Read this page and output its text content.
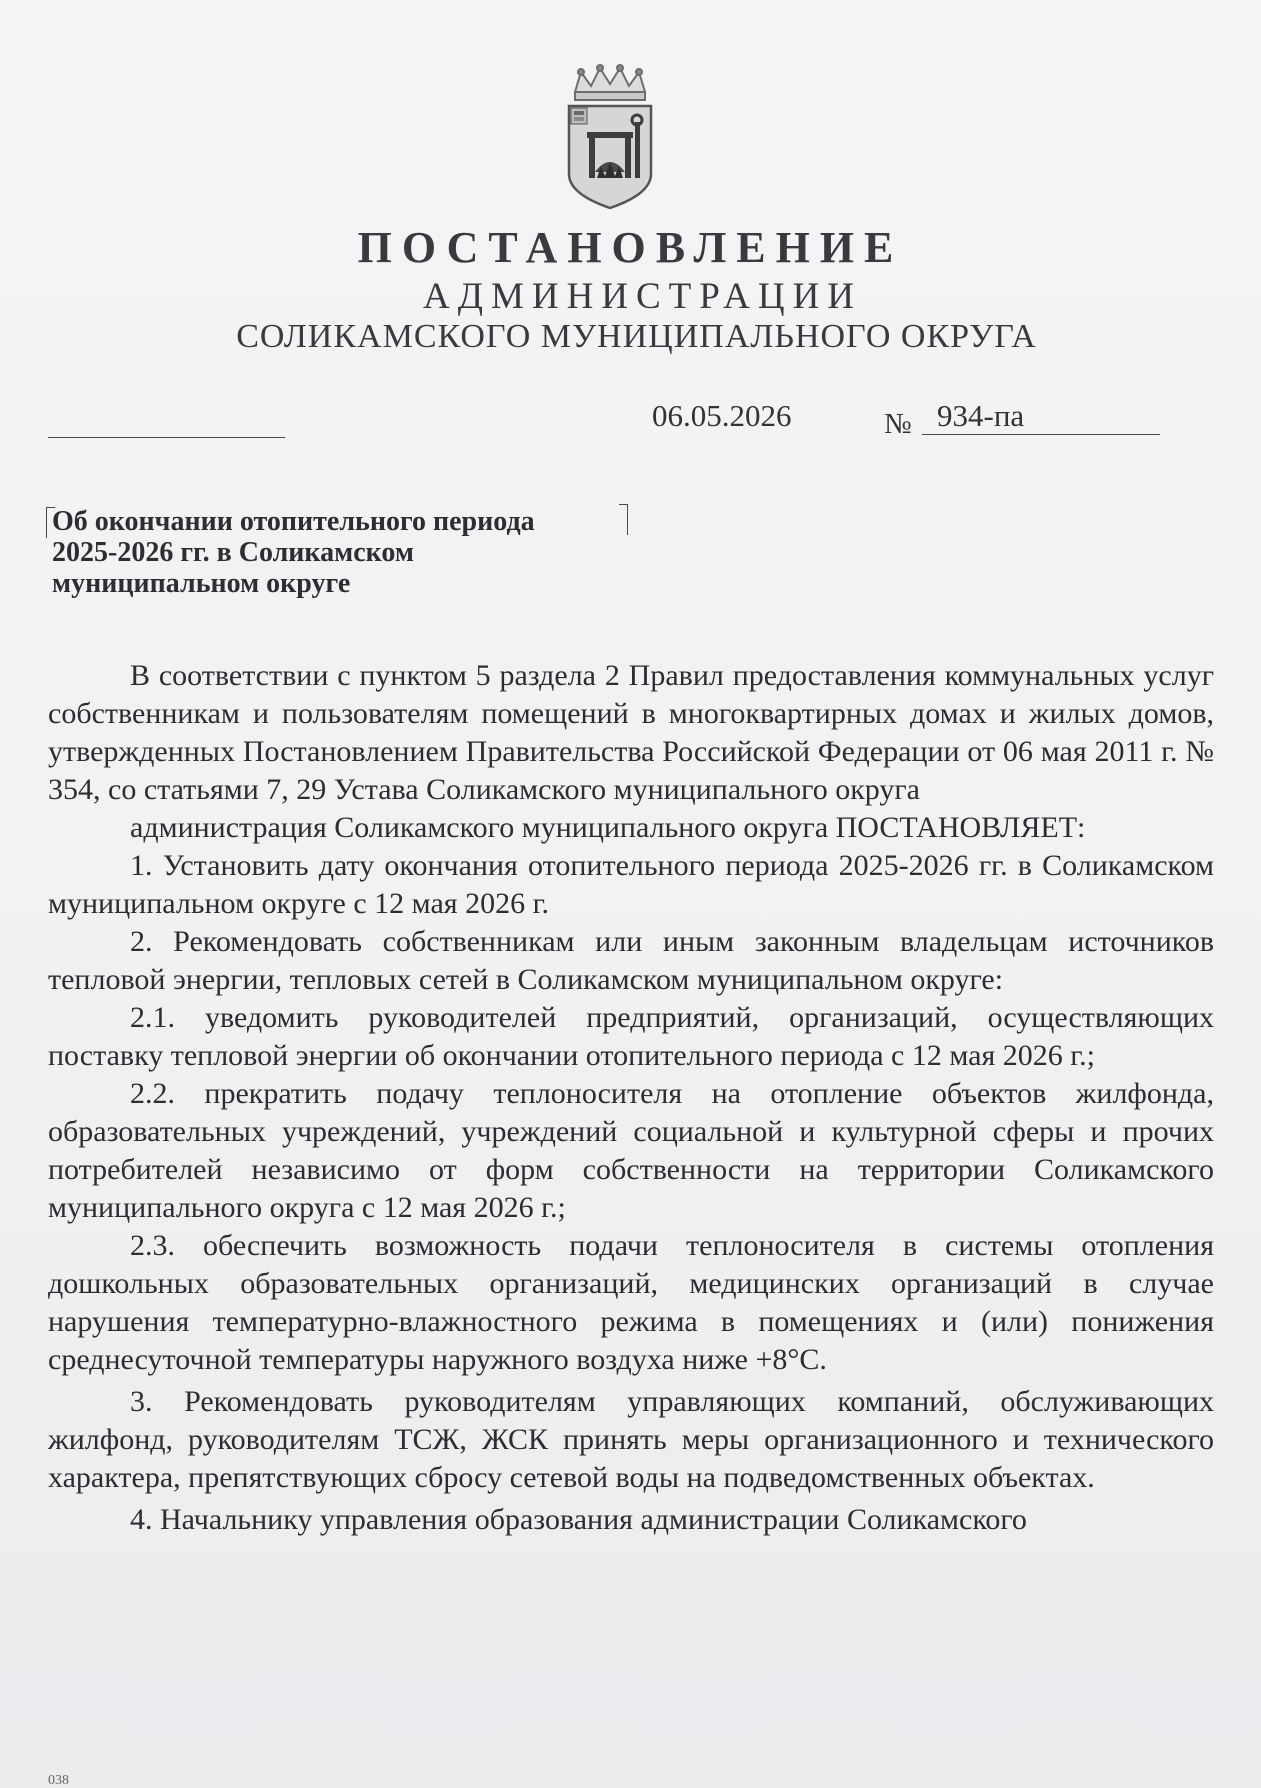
ПОСТАНОВЛЕНИЕ
АДМИНИСТРАЦИИ
СОЛИКАМСКОГО МУНИЦИПАЛЬНОГО ОКРУГА
06.05.2026	№ 934-па
Об окончании отопительного периода
2025-2026 гг. в Соликамском
муниципальном округе

В соответствии с пунктом 5 раздела 2 Правил предоставления коммунальных услуг собственникам и пользователям помещений в многоквартирных домах и жилых домов, утвержденных Постановлением Правительства Российской Федерации от 06 мая 2011 г. № 354, со статьями 7, 29 Устава Соликамского муниципального округа

администрация Соликамского муниципального округа ПОСТАНОВЛЯЕТ:

1. Установить дату окончания отопительного периода 2025-2026 гг. в Соликамском муниципальном округе с 12 мая 2026 г.

2. Рекомендовать собственникам или иным законным владельцам источников тепловой энергии, тепловых сетей в Соликамском муниципальном округе:

2.1. уведомить руководителей предприятий, организаций, осуществляющих поставку тепловой энергии об окончании отопительного периода с 12 мая 2026 г.;

2.2. прекратить подачу теплоносителя на отопление объектов жилфонда, образовательных учреждений, учреждений социальной и культурной сферы и прочих потребителей независимо от форм собственности на территории Соликамского муниципального округа с 12 мая 2026 г.;

2.3. обеспечить возможность подачи теплоносителя в системы отопления дошкольных образовательных организаций, медицинских организаций в случае нарушения температурно-влажностного режима в помещениях и (или) понижения среднесуточной температуры наружного воздуха ниже +8°С.

3. Рекомендовать руководителям управляющих компаний, обслуживающих жилфонд, руководителям ТСЖ, ЖСК принять меры организационного и технического характера, препятствующих сбросу сетевой воды на подведомственных объектах.

4. Начальнику управления образования администрации Соликамского

038
